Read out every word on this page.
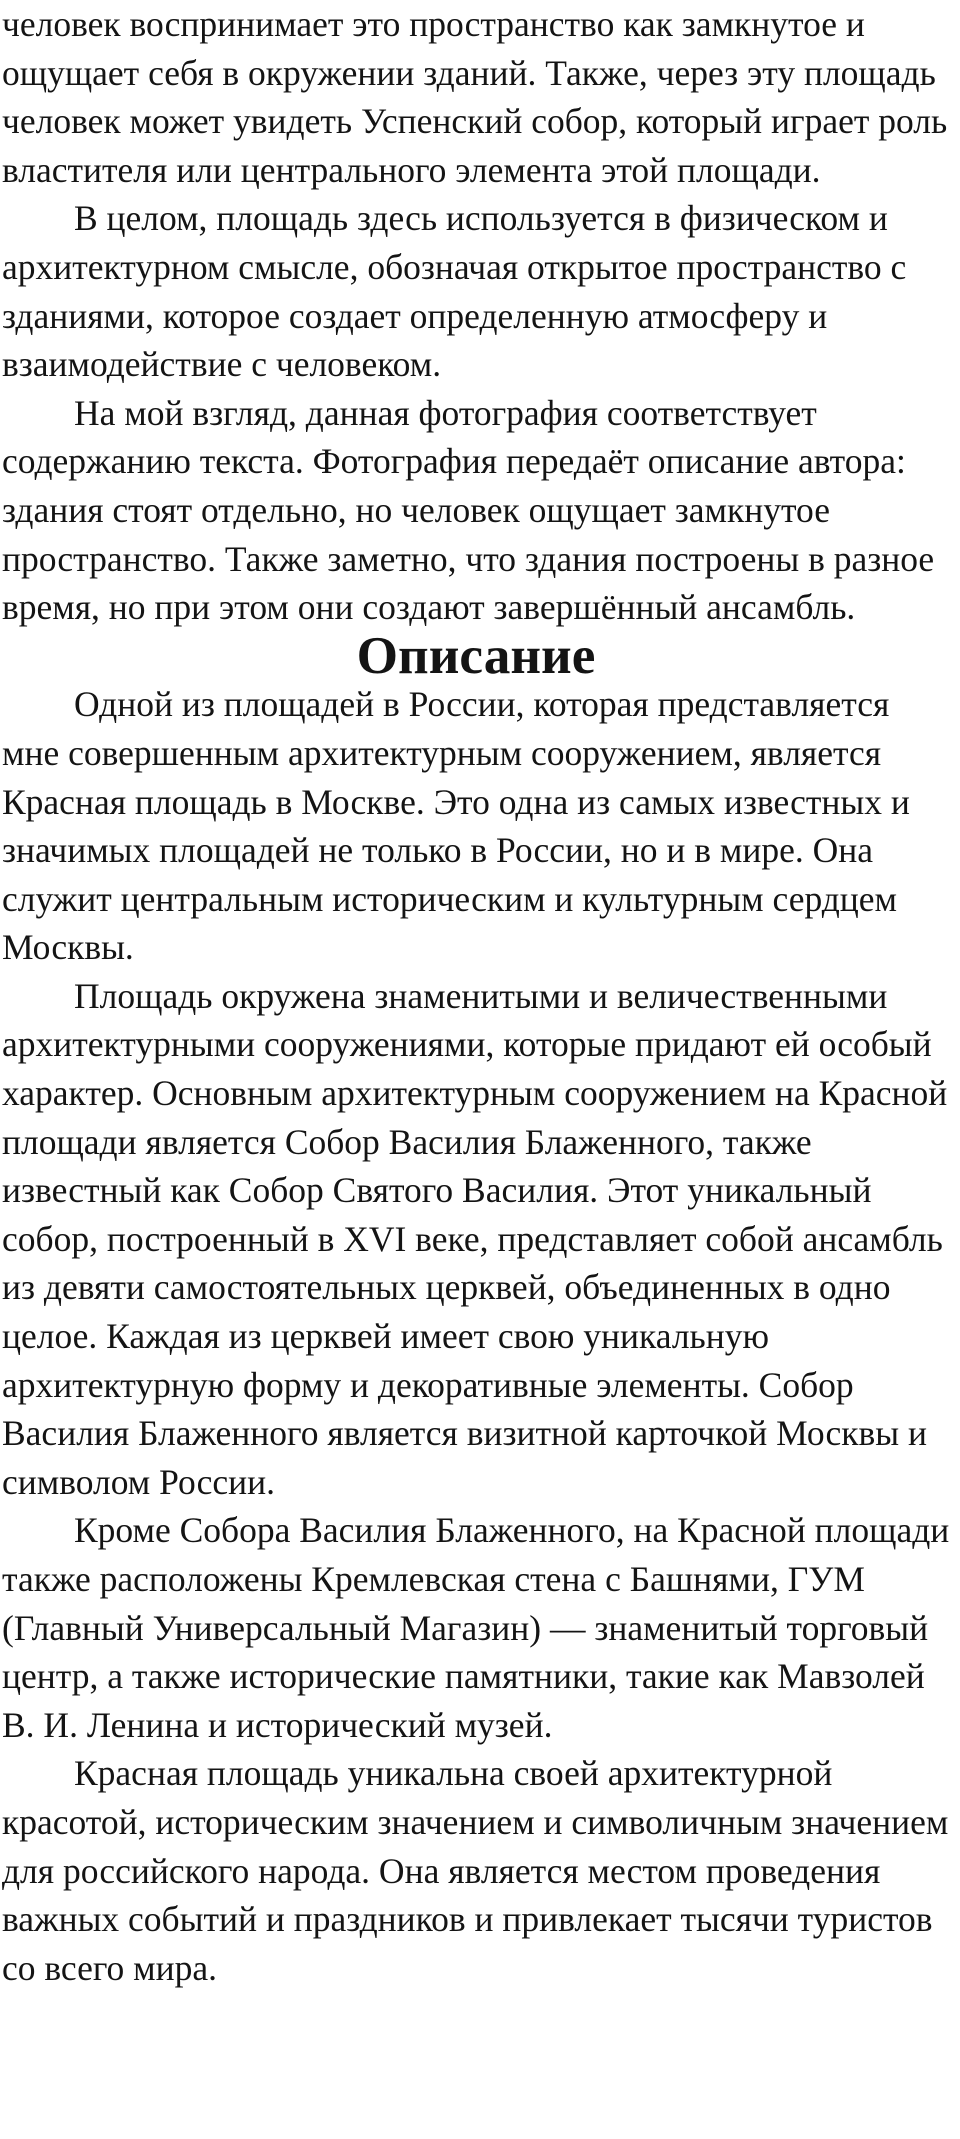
человек воспринимает это пространство как замкнутое и ощущает себя в окружении зданий. Также, через эту площадь человек может увидеть Успенский собор, который играет роль властителя или центрального элемента этой площади.

В целом, площадь здесь используется в физическом и архитектурном смысле, обозначая открытое пространство с зданиями, которое создает определенную атмосферу и взаимодействие с человеком.

На мой взгляд, данная фотография соответствует содержанию текста. Фотография передаёт описание автора: здания стоят отдельно, но человек ощущает замкнутое пространство. Также заметно, что здания построены в разное время, но при этом они создают завершённый ансамбль.

Описание

Одной из площадей в России, которая представляется мне совершенным архитектурным сооружением, является Красная площадь в Москве. Это одна из самых известных и значимых площадей не только в России, но и в мире. Она служит центральным историческим и культурным сердцем Москвы.

Площадь окружена знаменитыми и величественными архитектурными сооружениями, которые придают ей особый характер. Основным архитектурным сооружением на Красной площади является Собор Василия Блаженного, также известный как Собор Святого Василия. Этот уникальный собор, построенный в XVI веке, представляет собой ансамбль из девяти самостоятельных церквей, объединенных в одно целое. Каждая из церквей имеет свою уникальную архитектурную форму и декоративные элементы. Собор Василия Блаженного является визитной карточкой Москвы и символом России.

Кроме Собора Василия Блаженного, на Красной площади также расположены Кремлевская стена с Башнями, ГУМ (Главный Универсальный Магазин) — знаменитый торговый центр, а также исторические памятники, такие как Мавзолей В. И. Ленина и исторический музей.

Красная площадь уникальна своей архитектурной красотой, историческим значением и символичным значением для российского народа. Она является местом проведения важных событий и праздников и привлекает тысячи туристов со всего мира.
